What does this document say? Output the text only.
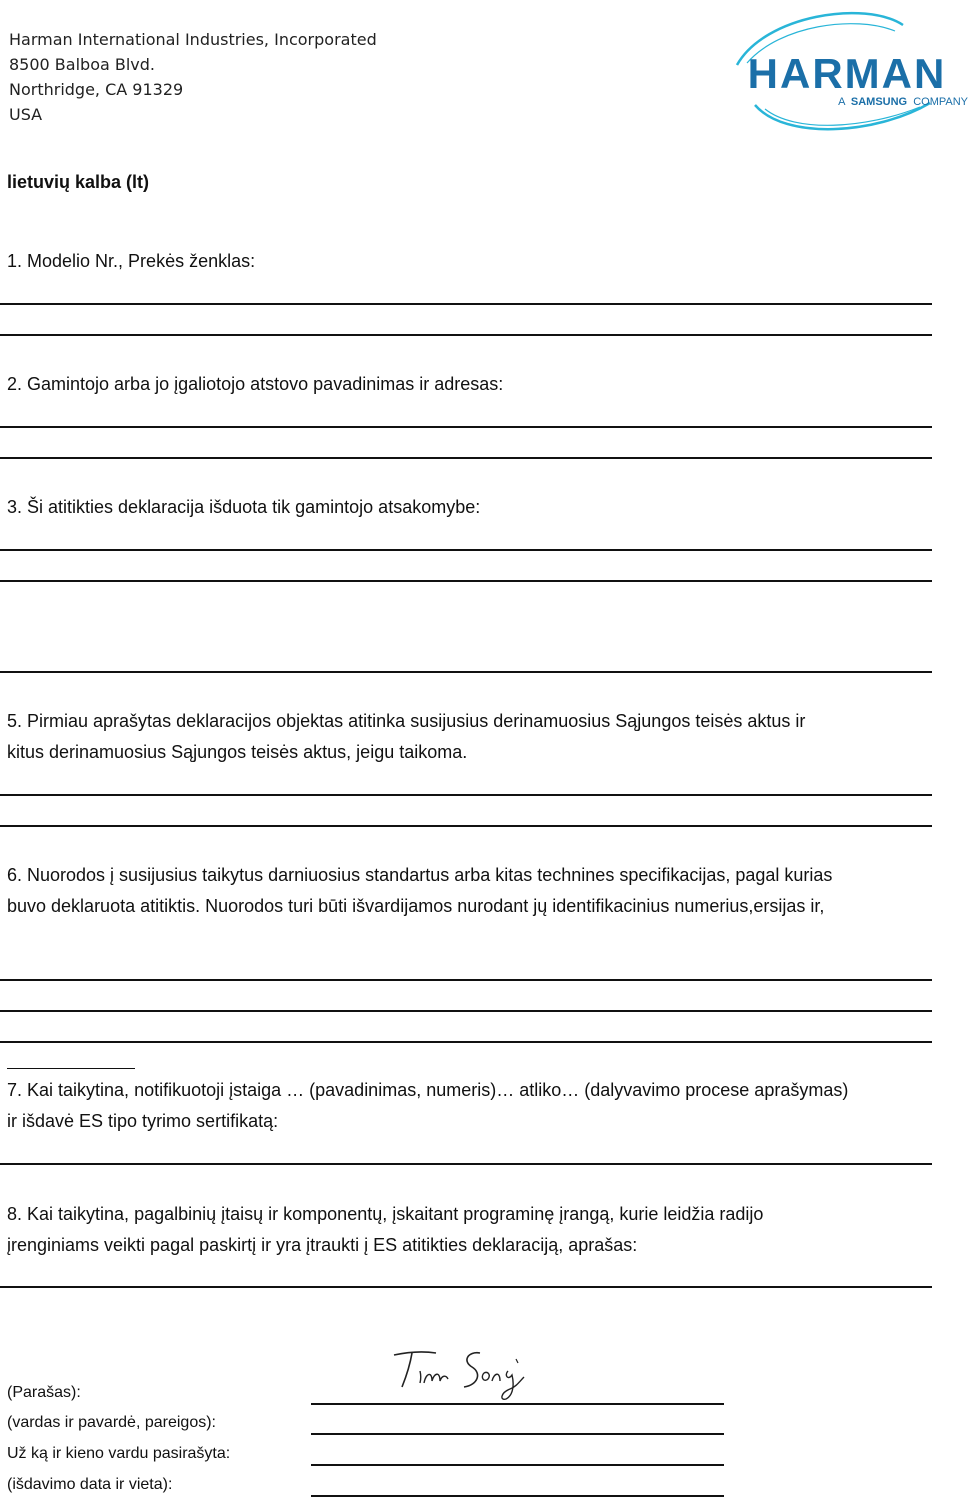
Harman International Industries, Incorporated
8500 Balboa Blvd.
Northridge, CA 91329
USA
HARMAN
A SAMSUNG COMPANY
lietuvių kalba (lt)
1. Modelio Nr., Prekės ženklas:
2. Gamintojo arba jo įgaliotojo atstovo pavadinimas ir adresas:
3. Ši atitikties deklaracija išduota tik gamintojo atsakomybe:
5. Pirmiau aprašytas deklaracijos objektas atitinka susijusius derinamuosius Sąjungos teisės aktus ir
kitus derinamuosius Sąjungos teisės aktus, jeigu taikoma.
6. Nuorodos į susijusius taikytus darniuosius standartus arba kitas technines specifikacijas, pagal kurias
buvo deklaruota atitiktis. Nuorodos turi būti išvardijamos nurodant jų identifikacinius numerius,ersijas ir,
7. Kai taikytina, notifikuotoji įstaiga … (pavadinimas, numeris)… atliko… (dalyvavimo procese aprašymas)
ir išdavė ES tipo tyrimo sertifikatą:
8. Kai taikytina, pagalbinių įtaisų ir komponentų, įskaitant programinę įrangą, kurie leidžia radijo
įrenginiams veikti pagal paskirtį ir yra įtraukti į ES atitikties deklaraciją, aprašas:
(Parašas):
(vardas ir pavardė, pareigos):
Už ką ir kieno vardu pasirašyta:
(išdavimo data ir vieta):
